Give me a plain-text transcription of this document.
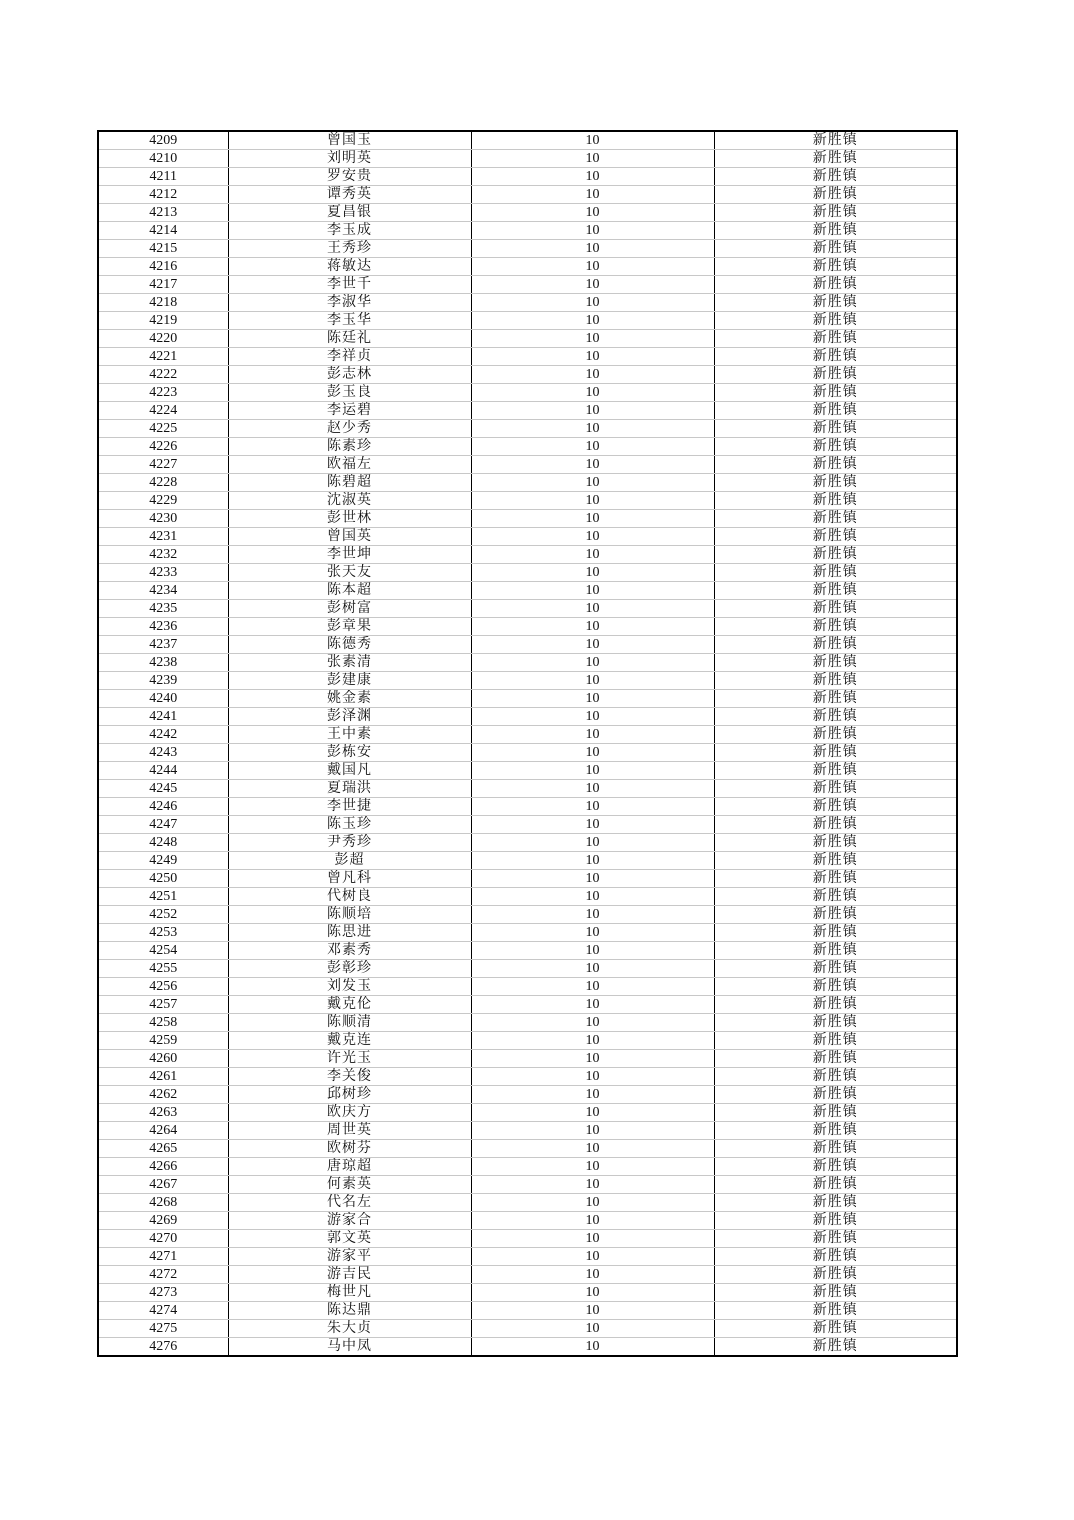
4209	曾国玉	10	新胜镇
4210	刘明英	10	新胜镇
4211	罗安贵	10	新胜镇
4212	谭秀英	10	新胜镇
4213	夏昌银	10	新胜镇
4214	李玉成	10	新胜镇
4215	王秀珍	10	新胜镇
4216	蒋敏达	10	新胜镇
4217	李世千	10	新胜镇
4218	李淑华	10	新胜镇
4219	李玉华	10	新胜镇
4220	陈廷礼	10	新胜镇
4221	李祥贞	10	新胜镇
4222	彭志林	10	新胜镇
4223	彭玉良	10	新胜镇
4224	李运碧	10	新胜镇
4225	赵少秀	10	新胜镇
4226	陈素珍	10	新胜镇
4227	欧福左	10	新胜镇
4228	陈碧超	10	新胜镇
4229	沈淑英	10	新胜镇
4230	彭世林	10	新胜镇
4231	曾国英	10	新胜镇
4232	李世坤	10	新胜镇
4233	张天友	10	新胜镇
4234	陈本超	10	新胜镇
4235	彭树富	10	新胜镇
4236	彭章果	10	新胜镇
4237	陈德秀	10	新胜镇
4238	张素清	10	新胜镇
4239	彭建康	10	新胜镇
4240	姚金素	10	新胜镇
4241	彭泽渊	10	新胜镇
4242	王中素	10	新胜镇
4243	彭栋安	10	新胜镇
4244	戴国凡	10	新胜镇
4245	夏瑞洪	10	新胜镇
4246	李世捷	10	新胜镇
4247	陈玉珍	10	新胜镇
4248	尹秀珍	10	新胜镇
4249	彭超	10	新胜镇
4250	曾凡科	10	新胜镇
4251	代树良	10	新胜镇
4252	陈顺培	10	新胜镇
4253	陈思进	10	新胜镇
4254	邓素秀	10	新胜镇
4255	彭彰珍	10	新胜镇
4256	刘发玉	10	新胜镇
4257	戴克伦	10	新胜镇
4258	陈顺清	10	新胜镇
4259	戴克连	10	新胜镇
4260	许光玉	10	新胜镇
4261	李关俊	10	新胜镇
4262	邱树珍	10	新胜镇
4263	欧庆方	10	新胜镇
4264	周世英	10	新胜镇
4265	欧树芬	10	新胜镇
4266	唐琼超	10	新胜镇
4267	何素英	10	新胜镇
4268	代名左	10	新胜镇
4269	游家合	10	新胜镇
4270	郭文英	10	新胜镇
4271	游家平	10	新胜镇
4272	游吉民	10	新胜镇
4273	梅世凡	10	新胜镇
4274	陈达鼎	10	新胜镇
4275	朱大贞	10	新胜镇
4276	马中凤	10	新胜镇
